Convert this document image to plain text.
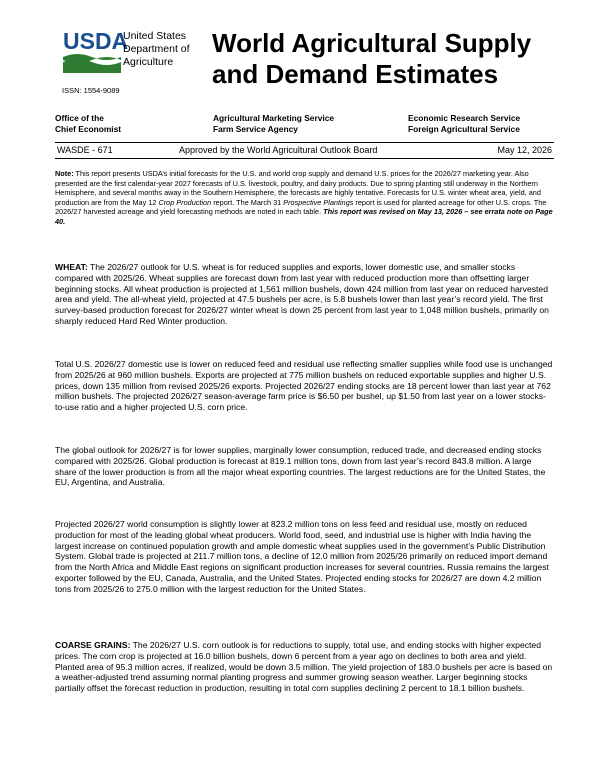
USDA
United States
Department of
Agriculture
World Agricultural Supply
and Demand Estimates
ISSN: 1554-9089
Office of the
Chief Economist
Agricultural Marketing Service
Farm Service Agency
Economic Research Service
Foreign Agricultural Service
WASDE - 671	Approved by the World Agricultural Outlook Board	May 12, 2026
Note: This report presents USDA’s initial forecasts for the U.S. and world crop supply and demand U.S. prices for the 2026/27 marketing year. Also presented are the first calendar-year 2027 forecasts of U.S. livestock, poultry, and dairy products. Due to spring planting still underway in the Northern Hemisphere, and several months away in the Southern Hemisphere, the forecasts are highly tentative. Forecasts for U.S. winter wheat area, yield, and production are from the May 12 Crop Production report. The March 31 Prospective Plantings report is used for planted acreage for other U.S. crops. The 2026/27 harvested acreage and yield forecasting methods are noted in each table. This report was revised on May 13, 2026 – see errata note on Page 40.
WHEAT: The 2026/27 outlook for U.S. wheat is for reduced supplies and exports, lower domestic use, and smaller stocks compared with 2025/26. Wheat supplies are forecast down from last year with reduced production more than offsetting larger beginning stocks. All wheat production is projected at 1,561 million bushels, down 424 million from last year on reduced harvested area and yield. The all-wheat yield, projected at 47.5 bushels per acre, is 5.8 bushels lower than last year’s record yield. The first survey-based production forecast for 2026/27 winter wheat is down 25 percent from last year to 1,048 million bushels, primarily on sharply reduced Hard Red Winter production.
Total U.S. 2026/27 domestic use is lower on reduced feed and residual use reflecting smaller supplies while food use is unchanged from 2025/26 at 960 million bushels. Exports are projected at 775 million bushels on reduced exportable supplies and higher U.S. prices, down 135 million from revised 2025/26 exports. Projected 2026/27 ending stocks are 18 percent lower than last year at 762 million bushels. The projected 2026/27 season-average farm price is $6.50 per bushel, up $1.50 from last year on a lower stocks-to-use ratio and a higher projected U.S. corn price.
The global outlook for 2026/27 is for lower supplies, marginally lower consumption, reduced trade, and decreased ending stocks compared with 2025/26. Global production is forecast at 819.1 million tons, down from last year’s record 843.8 million. A large share of the lower production is from all the major wheat exporting countries. The largest reductions are for the United States, the EU, Argentina, and Australia.
Projected 2026/27 world consumption is slightly lower at 823.2 million tons on less feed and residual use, mostly on reduced production for most of the leading global wheat producers. World food, seed, and industrial use is higher with India having the largest increase on continued population growth and ample domestic wheat supplies used in the government’s Public Distribution System. Global trade is projected at 211.7 million tons, a decline of 12.0 million from 2025/26 primarily on reduced import demand from the North Africa and Middle East regions on significant production increases for several countries. Russia remains the largest exporter followed by the EU, Canada, Australia, and the United States. Projected ending stocks for 2026/27 are down 4.2 million tons from 2025/26 to 275.0 million with the largest reduction for the United States.
COARSE GRAINS: The 2026/27 U.S. corn outlook is for reductions to supply, total use, and ending stocks with higher expected prices. The corn crop is projected at 16.0 billion bushels, down 6 percent from a year ago on declines to both area and yield. Planted area of 95.3 million acres, if realized, would be down 3.5 million. The yield projection of 183.0 bushels per acre is based on a weather-adjusted trend assuming normal planting progress and summer growing season weather. Larger beginning stocks partially offset the forecast reduction in production, resulting in total corn supplies declining 2 percent to 18.1 billion bushels.
